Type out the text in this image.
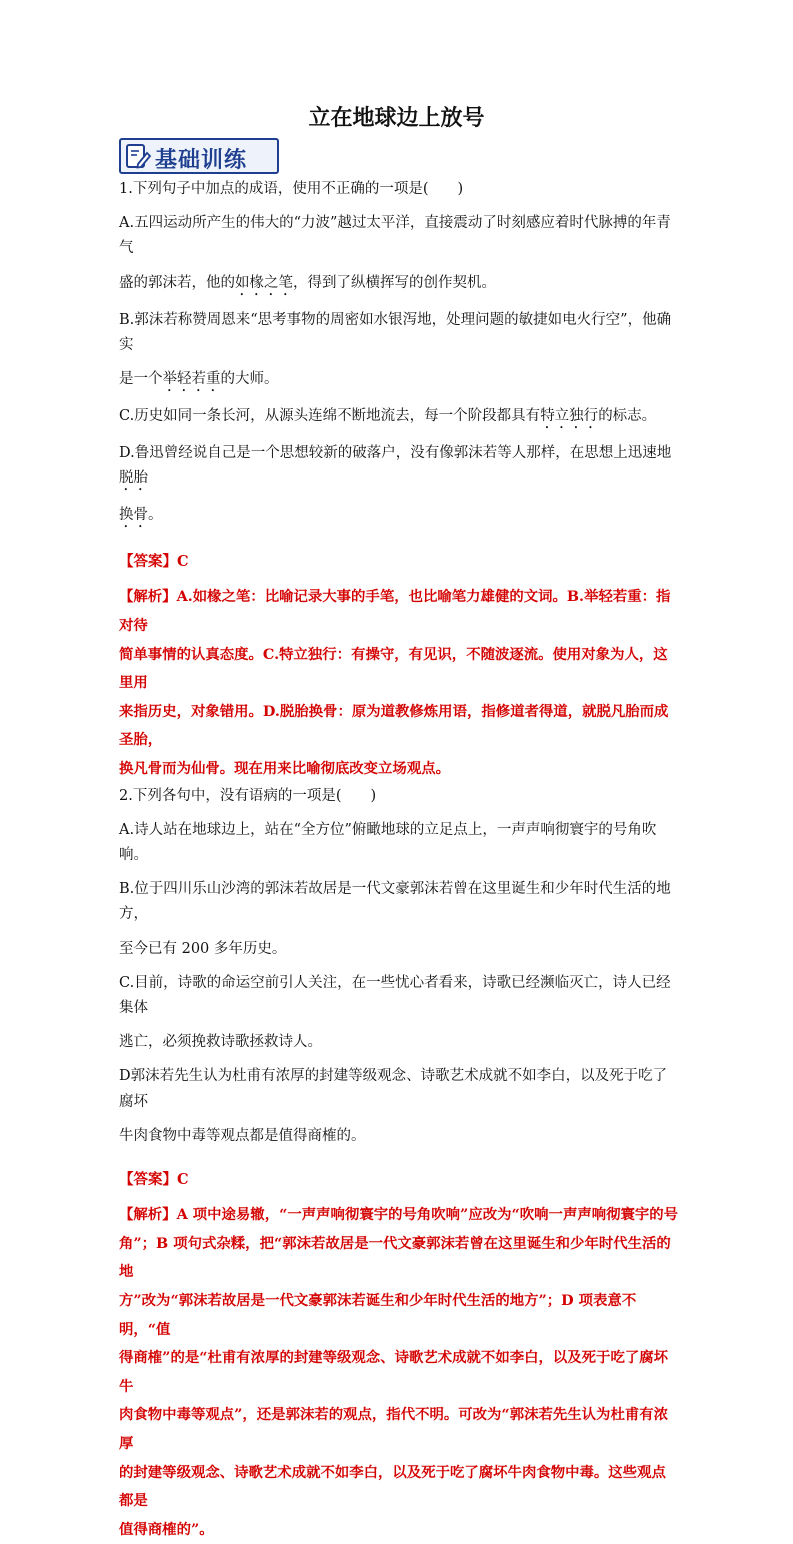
立在地球边上放号
基础训练

1.下列句子中加点的成语，使用不正确的一项是(　　)

A.五四运动所产生的伟大的“力波”越过太平洋，直接震动了时刻感应着时代脉搏的年青气

盛的郭沫若，他的如椽之笔，得到了纵横挥写的创作契机。

B.郭沫若称赞周恩来“思考事物的周密如水银泻地，处理问题的敏捷如电火行空”，他确实

是一个举轻若重的大师。

C.历史如同一条长河，从源头连绵不断地流去，每一个阶段都具有特立独行的标志。

D.鲁迅曾经说自己是一个思想较新的破落户，没有像郭沫若等人那样，在思想上迅速地脱胎

换骨。

【答案】C

【解析】A.如椽之笔：比喻记录大事的手笔，也比喻笔力雄健的文词。B.举轻若重：指对待

简单事情的认真态度。C.特立独行：有操守，有见识，不随波逐流。使用对象为人，这里用

来指历史，对象错用。D.脱胎换骨：原为道教修炼用语，指修道者得道，就脱凡胎而成圣胎，

换凡骨而为仙骨。现在用来比喻彻底改变立场观点。

2.下列各句中，没有语病的一项是(　　)

A.诗人站在地球边上，站在“全方位”俯瞰地球的立足点上，一声声响彻寰宇的号角吹响。

B.位于四川乐山沙湾的郭沫若故居是一代文豪郭沫若曾在这里诞生和少年时代生活的地方，

至今已有 200 多年历史。

C.目前，诗歌的命运空前引人关注，在一些忧心者看来，诗歌已经濒临灭亡，诗人已经集体

逃亡，必须挽救诗歌拯救诗人。

D郭沫若先生认为杜甫有浓厚的封建等级观念、诗歌艺术成就不如李白，以及死于吃了腐坏

牛肉食物中毒等观点都是值得商榷的。

【答案】C

【解析】A 项中途易辙，“一声声响彻寰宇的号角吹响”应改为“吹响一声声响彻寰宇的号

角”；B 项句式杂糅，把“郭沫若故居是一代文豪郭沫若曾在这里诞生和少年时代生活的地

方”改为“郭沫若故居是一代文豪郭沫若诞生和少年时代生活的地方”；D 项表意不明，“值

得商榷”的是“杜甫有浓厚的封建等级观念、诗歌艺术成就不如李白，以及死于吃了腐坏牛

肉食物中毒等观点”，还是郭沫若的观点，指代不明。可改为“郭沫若先生认为杜甫有浓厚

的封建等级观念、诗歌艺术成就不如李白，以及死于吃了腐坏牛肉食物中毒。这些观点都是

值得商榷的”。
